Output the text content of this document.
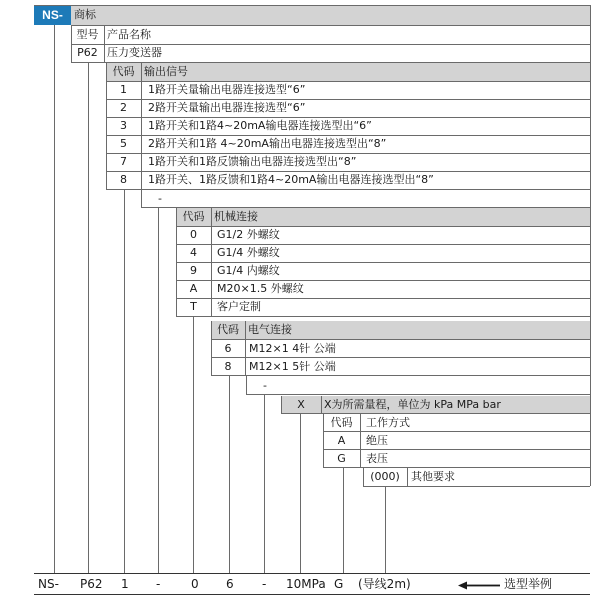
NS-	商标
型号 产品名称
P62 压力变送器
代码 输出信号
1	1路开关量输出电器连接选型“6”
2	2路开关量输出电器连接选型“6”
3	1路开关和1路4~20mA输电器连接选型出“6”
5	2路开关和1路 4~20mA输出电器连接选型出“8”
7	1路开关和1路反馈输出电器连接选型出“8”
8	1路开关、1路反馈和1路4~20mA输出电器连接选型出“8”
-
代码 机械连接
0	G1/2 外螺纹
4	G1/4 外螺纹
9	G1/4 内螺纹
A	M20×1.5 外螺纹
T	客户定制
代码 电气连接
6	M12×1 4针 公端
8	M12×1 5针 公端
-
X	X为所需量程，单位为 kPa MPa bar
代码	工作方式
A	绝压
G	表压
(000)	其他要求
NS- P62 1 -	0 6 - 10MPa G (导线2m)	选型举例
